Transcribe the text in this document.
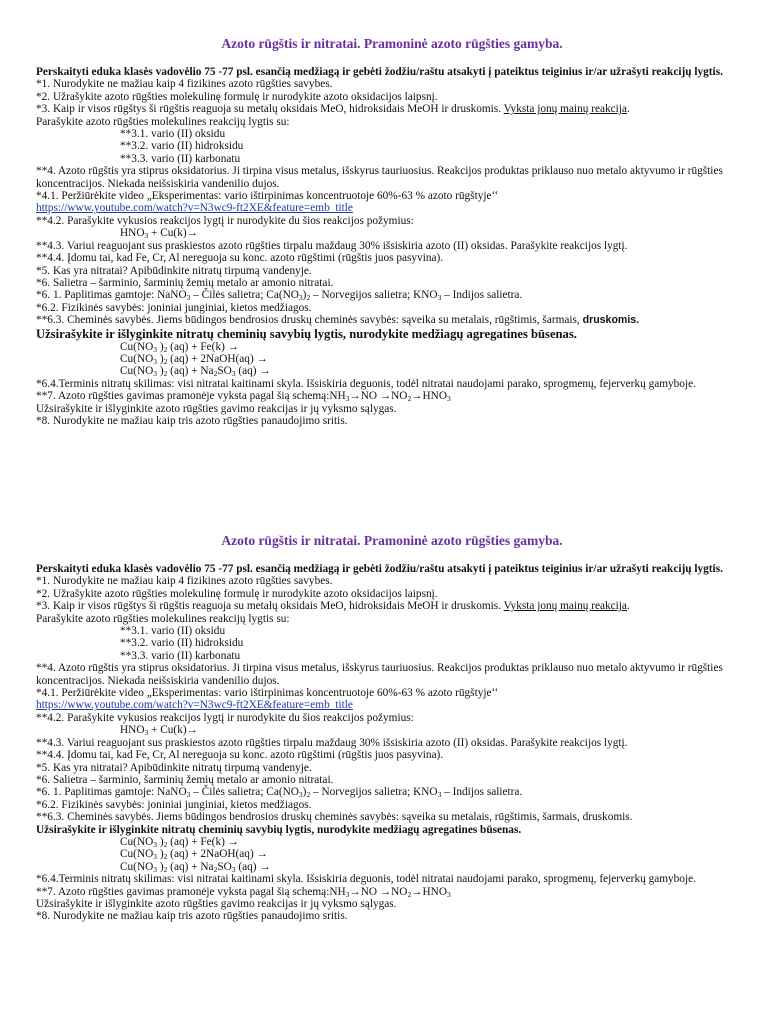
Azoto rūgštis ir nitratai. Pramoninė azoto rūgšties gamyba.

Perskaityti eduka klasės vadovėlio 75 -77 psl. esančią medžiagą ir gebėti žodžiu/raštu atsakyti į pateiktus teiginius ir/ar užrašyti reakcijų lygtis.

*1. Nurodykite ne mažiau kaip 4 fizikines azoto rūgšties savybes.

*2. Užrašykite azoto rūgšties molekulinę formulę ir nurodykite azoto oksidacijos laipsnį.

*3. Kaip ir visos rūgštys ši rūgštis reaguoja su metalų oksidais MeO, hidroksidais MeOH ir druskomis. Vyksta jonų mainų reakcija.

Parašykite azoto rūgšties molekulines reakcijų lygtis su:

**3.1. vario (II) oksidu

**3.2. vario (II) hidroksidu

**3.3. vario (II) karbonatu

**4. Azoto rūgštis yra stiprus oksidatorius. Ji tirpina visus metalus, išskyrus tauriuosius. Reakcijos produktas priklauso nuo metalo aktyvumo ir rūgšties koncentracijos. Niekada neišsiskiria vandenilio dujos.

*4.1. Peržiūrėkite video „Eksperimentas: vario ištirpinimas koncentruotoje 60%-63 % azoto rūgštyje‘‘

https://www.youtube.com/watch?v=N3wc9-ft2XE&feature=emb_title

**4.2. Parašykite vykusios reakcijos lygtį ir nurodykite du šios reakcijos požymius:

$HNO_3 + Cu(k)\to$

**4.3. Variui reaguojant sus praskiestos azoto rūgšties tirpalu maždaug 30% išsiskiria azoto (II) oksidas. Parašykite reakcijos lygtį.

**4.4. Įdomu tai, kad Fe, Cr, Al nereguoja su konc. azoto rūgštimi (rūgštis juos pasyvina).

*5. Kas yra nitratai? Apibūdinkite nitratų tirpumą vandenyje.

*6. Salietra – šarminio, šarminių žemių metalo ar amonio nitratai.

*6. 1. Paplitimas gamtoje: NaNO$_3$ – Čilės salietra; $Ca(NO_3)_2$ – Norvegijos salietra; $KNO_3$ – Indijos salietra.

*6.2. Fizikinės savybės: joniniai junginiai, kietos medžiagos.

**6.3. Cheminės savybės. Jiems būdingos bendrosios druskų cheminės savybės: sąveika su metalais, rūgštimis, šarmais, druskomis.

Užsirašykite ir išlyginkite nitratų cheminių savybių lygtis, nurodykite medžiagų agregatines būsenas.

$Cu(NO_3$ )$_2$ (aq) + Fe(k) →

$Cu(NO_3$ )$_2$ (aq) + 2NaOH(aq) →

$Cu(NO_3$ )$_2$ $(aq) + Na_2SO_3$ (aq) →

*6.4.Terminis nitratų skilimas: visi nitratai kaitinami skyla. Išsiskiria deguonis, todėl nitratai naudojami parako, sprogmenų, fejerverkų gamyboje.

**7. Azoto rūgšties gavimas pramonėje vyksta pagal šią $schemą:NH_3\to NO \to NO_2\to HNO_3$

Užsirašykite ir išlyginkite azoto rūgšties gavimo reakcijas ir jų vyksmo sąlygas.

*8. Nurodykite ne mažiau kaip tris azoto rūgšties panaudojimo sritis.

Azoto rūgštis ir nitratai. Pramoninė azoto rūgšties gamyba.

Perskaityti eduka klasės vadovėlio 75 -77 psl. esančią medžiagą ir gebėti žodžiu/raštu atsakyti į pateiktus teiginius ir/ar užrašyti reakcijų lygtis.

*1. Nurodykite ne mažiau kaip 4 fizikines azoto rūgšties savybes.

*2. Užrašykite azoto rūgšties molekulinę formulę ir nurodykite azoto oksidacijos laipsnį.

*3. Kaip ir visos rūgštys ši rūgštis reaguoja su metalų oksidais MeO, hidroksidais MeOH ir druskomis. Vyksta jonų mainų reakcija.

Parašykite azoto rūgšties molekulines reakcijų lygtis su:

**3.1. vario (II) oksidu

**3.2. vario (II) hidroksidu

**3.3. vario (II) karbonatu

**4. Azoto rūgštis yra stiprus oksidatorius. Ji tirpina visus metalus, išskyrus tauriuosius. Reakcijos produktas priklauso nuo metalo aktyvumo ir rūgšties koncentracijos. Niekada neišsiskiria vandenilio dujos.

*4.1. Peržiūrėkite video „Eksperimentas: vario ištirpinimas koncentruotoje 60%-63 % azoto rūgštyje‘‘

https://www.youtube.com/watch?v=N3wc9-ft2XE&feature=emb_title

**4.2. Parašykite vykusios reakcijos lygtį ir nurodykite du šios reakcijos požymius:

$HNO_3 + Cu(k)\to$

**4.3. Variui reaguojant sus praskiestos azoto rūgšties tirpalu maždaug 30% išsiskiria azoto (II) oksidas. Parašykite reakcijos lygtį.

**4.4. Įdomu tai, kad Fe, Cr, Al nereguoja su konc. azoto rūgštimi (rūgštis juos pasyvina).

*5. Kas yra nitratai? Apibūdinkite nitratų tirpumą vandenyje.

*6. Salietra – šarminio, šarminių žemių metalo ar amonio nitratai.

*6. 1. Paplitimas gamtoje: NaNO$_3$ – Čilės salietra; $Ca(NO_3)_2$ – Norvegijos salietra; $KNO_3$ – Indijos salietra.

*6.2. Fizikinės savybės: joniniai junginiai, kietos medžiagos.

**6.3. Cheminės savybės. Jiems būdingos bendrosios druskų cheminės savybės: sąveika su metalais, rūgštimis, šarmais, druskomis.

Užsirašykite ir išlyginkite nitratų cheminių savybių lygtis, nurodykite medžiagų agregatines būsenas.

$Cu(NO_3$ )$_2$ (aq) + Fe(k) →

$Cu(NO_3$ )$_2$ (aq) + 2NaOH(aq) →

$Cu(NO_3$ )$_2$ $(aq) + Na_2SO_3$ (aq) →

*6.4.Terminis nitratų skilimas: visi nitratai kaitinami skyla. Išsiskiria deguonis, todėl nitratai naudojami parako, sprogmenų, fejerverkų gamyboje.

**7. Azoto rūgšties gavimas pramonėje vyksta pagal šią $schemą:NH_3\to NO \to NO_2\to HNO_3$

Užsirašykite ir išlyginkite azoto rūgšties gavimo reakcijas ir jų vyksmo sąlygas.

*8. Nurodykite ne mažiau kaip tris azoto rūgšties panaudojimo sritis.
